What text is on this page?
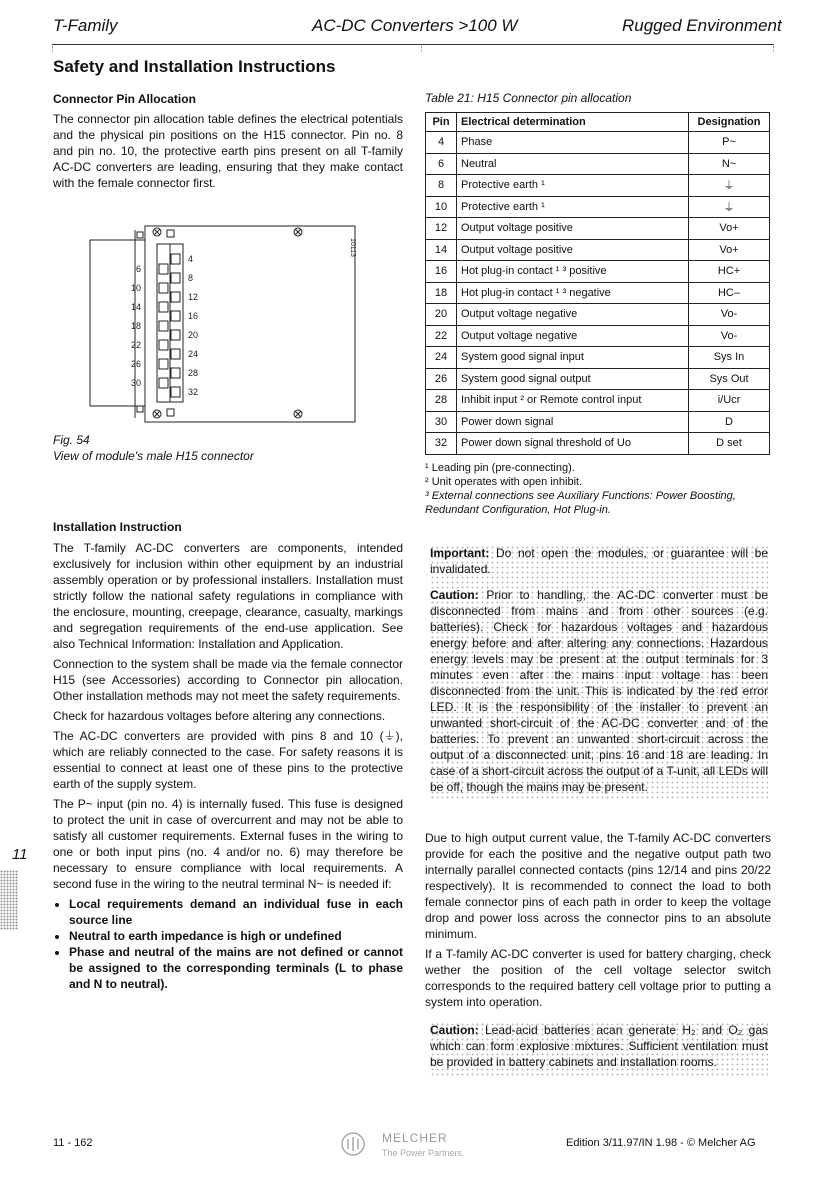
T-Family	AC-DC Converters >100 W	Rugged Environment
Safety and Installation Instructions
Connector Pin Allocation
The connector pin allocation table defines the electrical potentials and the physical pin positions on the H15 connector. Pin no. 8 and pin no. 10, the protective earth pins present on all T-family AC-DC converters are leading, ensuring that they make contact with the female connector first.
4
8
12
16
20
24
28
32
6
10
14
18
22
26
30
10113
Fig. 54
View of module's male H15 connector
Table 21: H15 Connector pin allocation
Pin	Electrical determination	Designation
4	Phase	P~
6	Neutral	N~
8	Protective earth ¹	⏚
10	Protective earth ¹	⏚
12	Output voltage positive	Vo+
14	Output voltage positive	Vo+
16	Hot plug-in contact ¹ ³ positive	HC+
18	Hot plug-in contact ¹ ³ negative	HC–
20	Output voltage negative	Vo-
22	Output voltage negative	Vo-
24	System good signal input	Sys In
26	System good signal output	Sys Out
28	Inhibit input ² or Remote control input	i/Ucr
30	Power down signal	D
32	Power down signal threshold of Uo	D set
¹ Leading pin (pre-connecting).
² Unit operates with open inhibit.
³ External connections see Auxiliary Functions: Power Boosting, Redundant Configuration, Hot Plug-in.
Installation Instruction

The T-family AC-DC converters are components, intended exclusively for inclusion within other equipment by an industrial assembly operation or by professional installers. Installation must strictly follow the national safety regulations in compliance with the enclosure, mounting, creepage, clearance, casualty, markings and segregation requirements of the end-use application. See also Technical Information: Installation and Application.

Connection to the system shall be made via the female connector H15 (see Accessories) according to Connector pin allocation. Other installation methods may not meet the safety requirements.

Check for hazardous voltages before altering any connections.

The AC-DC converters are provided with pins 8 and 10 (⏚), which are reliably connected to the case. For safety reasons it is essential to connect at least one of these pins to the protective earth of the supply system.

The P~ input (pin no. 4) is internally fused. This fuse is designed to protect the unit in case of overcurrent and may not be able to satisfy all customer requirements. External fuses in the wiring to one or both input pins (no. 4 and/or no. 6) may therefore be necessary to ensure compliance with local requirements. A second fuse in the wiring to the neutral terminal N~ is needed if:

• Local requirements demand an individual fuse in each source line
• Neutral to earth impedance is high or undefined
• Phase and neutral of the mains are not defined or cannot be assigned to the corresponding terminals (L to phase and N to neutral).

Important: Do not open the modules, or guarantee will be invalidated.

Caution: Prior to handling, the AC-DC converter must be disconnected from mains and from other sources (e.g. batteries). Check for hazardous voltages and hazardous energy before and after altering any connections. Hazardous energy levels may be present at the output terminals for 3 minutes even after the mains input voltage has been disconnected from the unit. This is indicated by the red error LED. It is the responsibility of the installer to prevent an unwanted short-circuit of the AC-DC converter and of the batteries. To prevent an unwanted short-circuit across the output of a disconnected unit, pins 16 and 18 are leading. In case of a short-circuit across the output of a T-unit, all LEDs will be off, though the mains may be present.

Due to high output current value, the T-family AC-DC converters provide for each the positive and the negative output path two internally parallel connected contacts (pins 12/14 and pins 20/22 respectively). It is recommended to connect the load to both female connector pins of each path in order to keep the voltage drop and power loss across the connector pins to an absolute minimum.

If a T-family AC-DC converter is used for battery charging, check wether the position of the cell voltage selector switch corresponds to the required battery cell voltage prior to putting a system into operation.

Caution: Lead-acid batteries acan generate H₂ and O₂ gas which can form explosive mixtures. Sufficient ventilation must be provided in battery cabinets and installation rooms.

11
11 - 162	MELCHER
The Power Partners.
Edition 3/11.97/IN 1.98 - © Melcher AG
